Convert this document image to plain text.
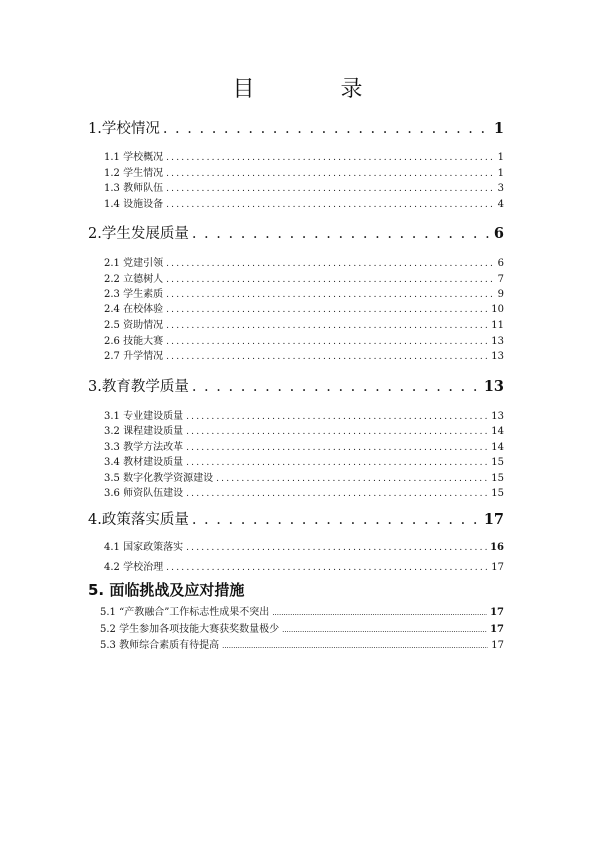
目　录
1.学校情况 . . .	1
1.1 学校概况 .....	1
1.2 学生情况 .....	1
1.3 教师队伍 .....	3
1.4 设施设备 .....	4
2.学生发展质量 . . .	6
2.1 党建引领 .....	6
2.2 立德树人 .....	7
2.3 学生素质 .....	9
2.4 在校体验 .....	10
2.5 资助情况 .....	11
2.6 技能大赛 .....	13
2.7 升学情况 .....	13
3.教育教学质量 . . .	13
3.1 专业建设质量 .....	13
3.2 课程建设质量 .....	14
3.3 教学方法改革 .....	14
3.4 教材建设质量 .....	15
3.5 数字化教学资源建设 .....	15
3.6 师资队伍建设 .....	15
4.政策落实质量 . . .	17
4.1 国家政策落实 .....	16
4.2 学校治理 .....	17
5. 面临挑战及应对措施
5.1 “产教融合”工作标志性成果不突出 .....	17
5.2 学生参加各项技能大赛获奖数量极少 .....	17
5.3 教师综合素质有待提高 .....	17
